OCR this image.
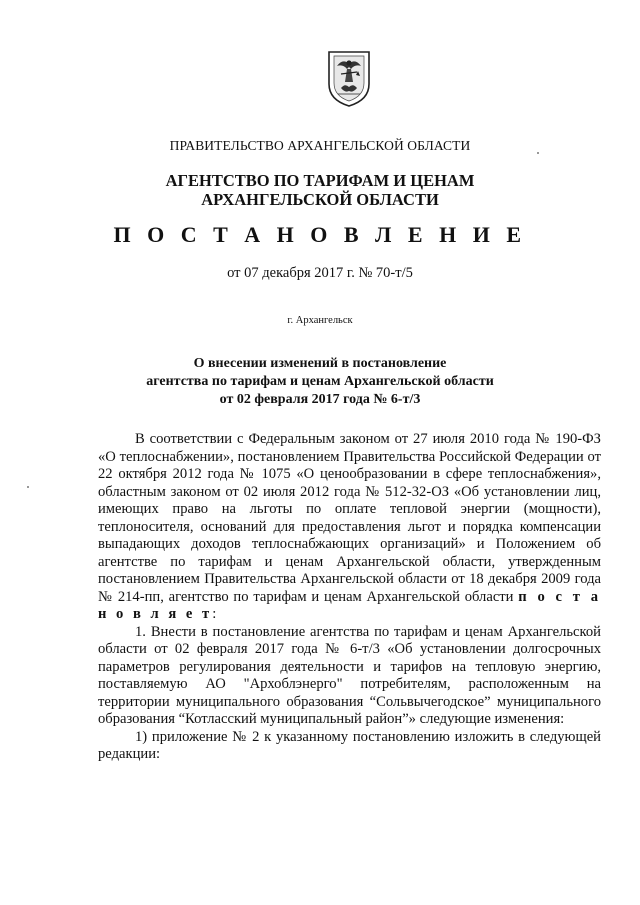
ПРАВИТЕЛЬСТВО АРХАНГЕЛЬСКОЙ ОБЛАСТИ
АГЕНТСТВО ПО ТАРИФАМ И ЦЕНАМ
АРХАНГЕЛЬСКОЙ ОБЛАСТИ
П О С Т А Н О В Л Е Н И Е
от 07 декабря 2017 г. № 70-т/5
г. Архангельск
О внесении изменений в постановление
агентства по тарифам и ценам Архангельской области
от 02 февраля 2017 года № 6-т/3

В соответствии с Федеральным законом от 27 июля 2010 года № 190-ФЗ «О теплоснабжении», постановлением Правительства Российской Федерации от 22 октября 2012 года № 1075 «О ценообразовании в сфере теплоснабжения», областным законом от 02 июля 2012 года № 512-32-ОЗ «Об установлении лиц, имеющих право на льготы по оплате тепловой энергии (мощности), теплоносителя, оснований для предоставления льгот и порядка компенсации выпадающих доходов теплоснабжающих организаций» и Положением об агентстве по тарифам и ценам Архангельской области, утвержденным постановлением Правительства Архангельской области от 18 декабря 2009 года № 214-пп, агентство по тарифам и ценам Архангельской области п о с т а н о в л я е т:

1. Внести в постановление агентства по тарифам и ценам Архангельской области от 02 февраля 2017 года № 6-т/3 «Об установлении долгосрочных параметров регулирования деятельности и тарифов на тепловую энергию, поставляемую АО "Архоблэнерго" потребителям, расположенным на территории муниципального образования “Сольвычегодское” муниципального образования “Котласский муниципальный район”» следующие изменения:

1) приложение № 2 к указанному постановлению изложить в следующей редакции:
